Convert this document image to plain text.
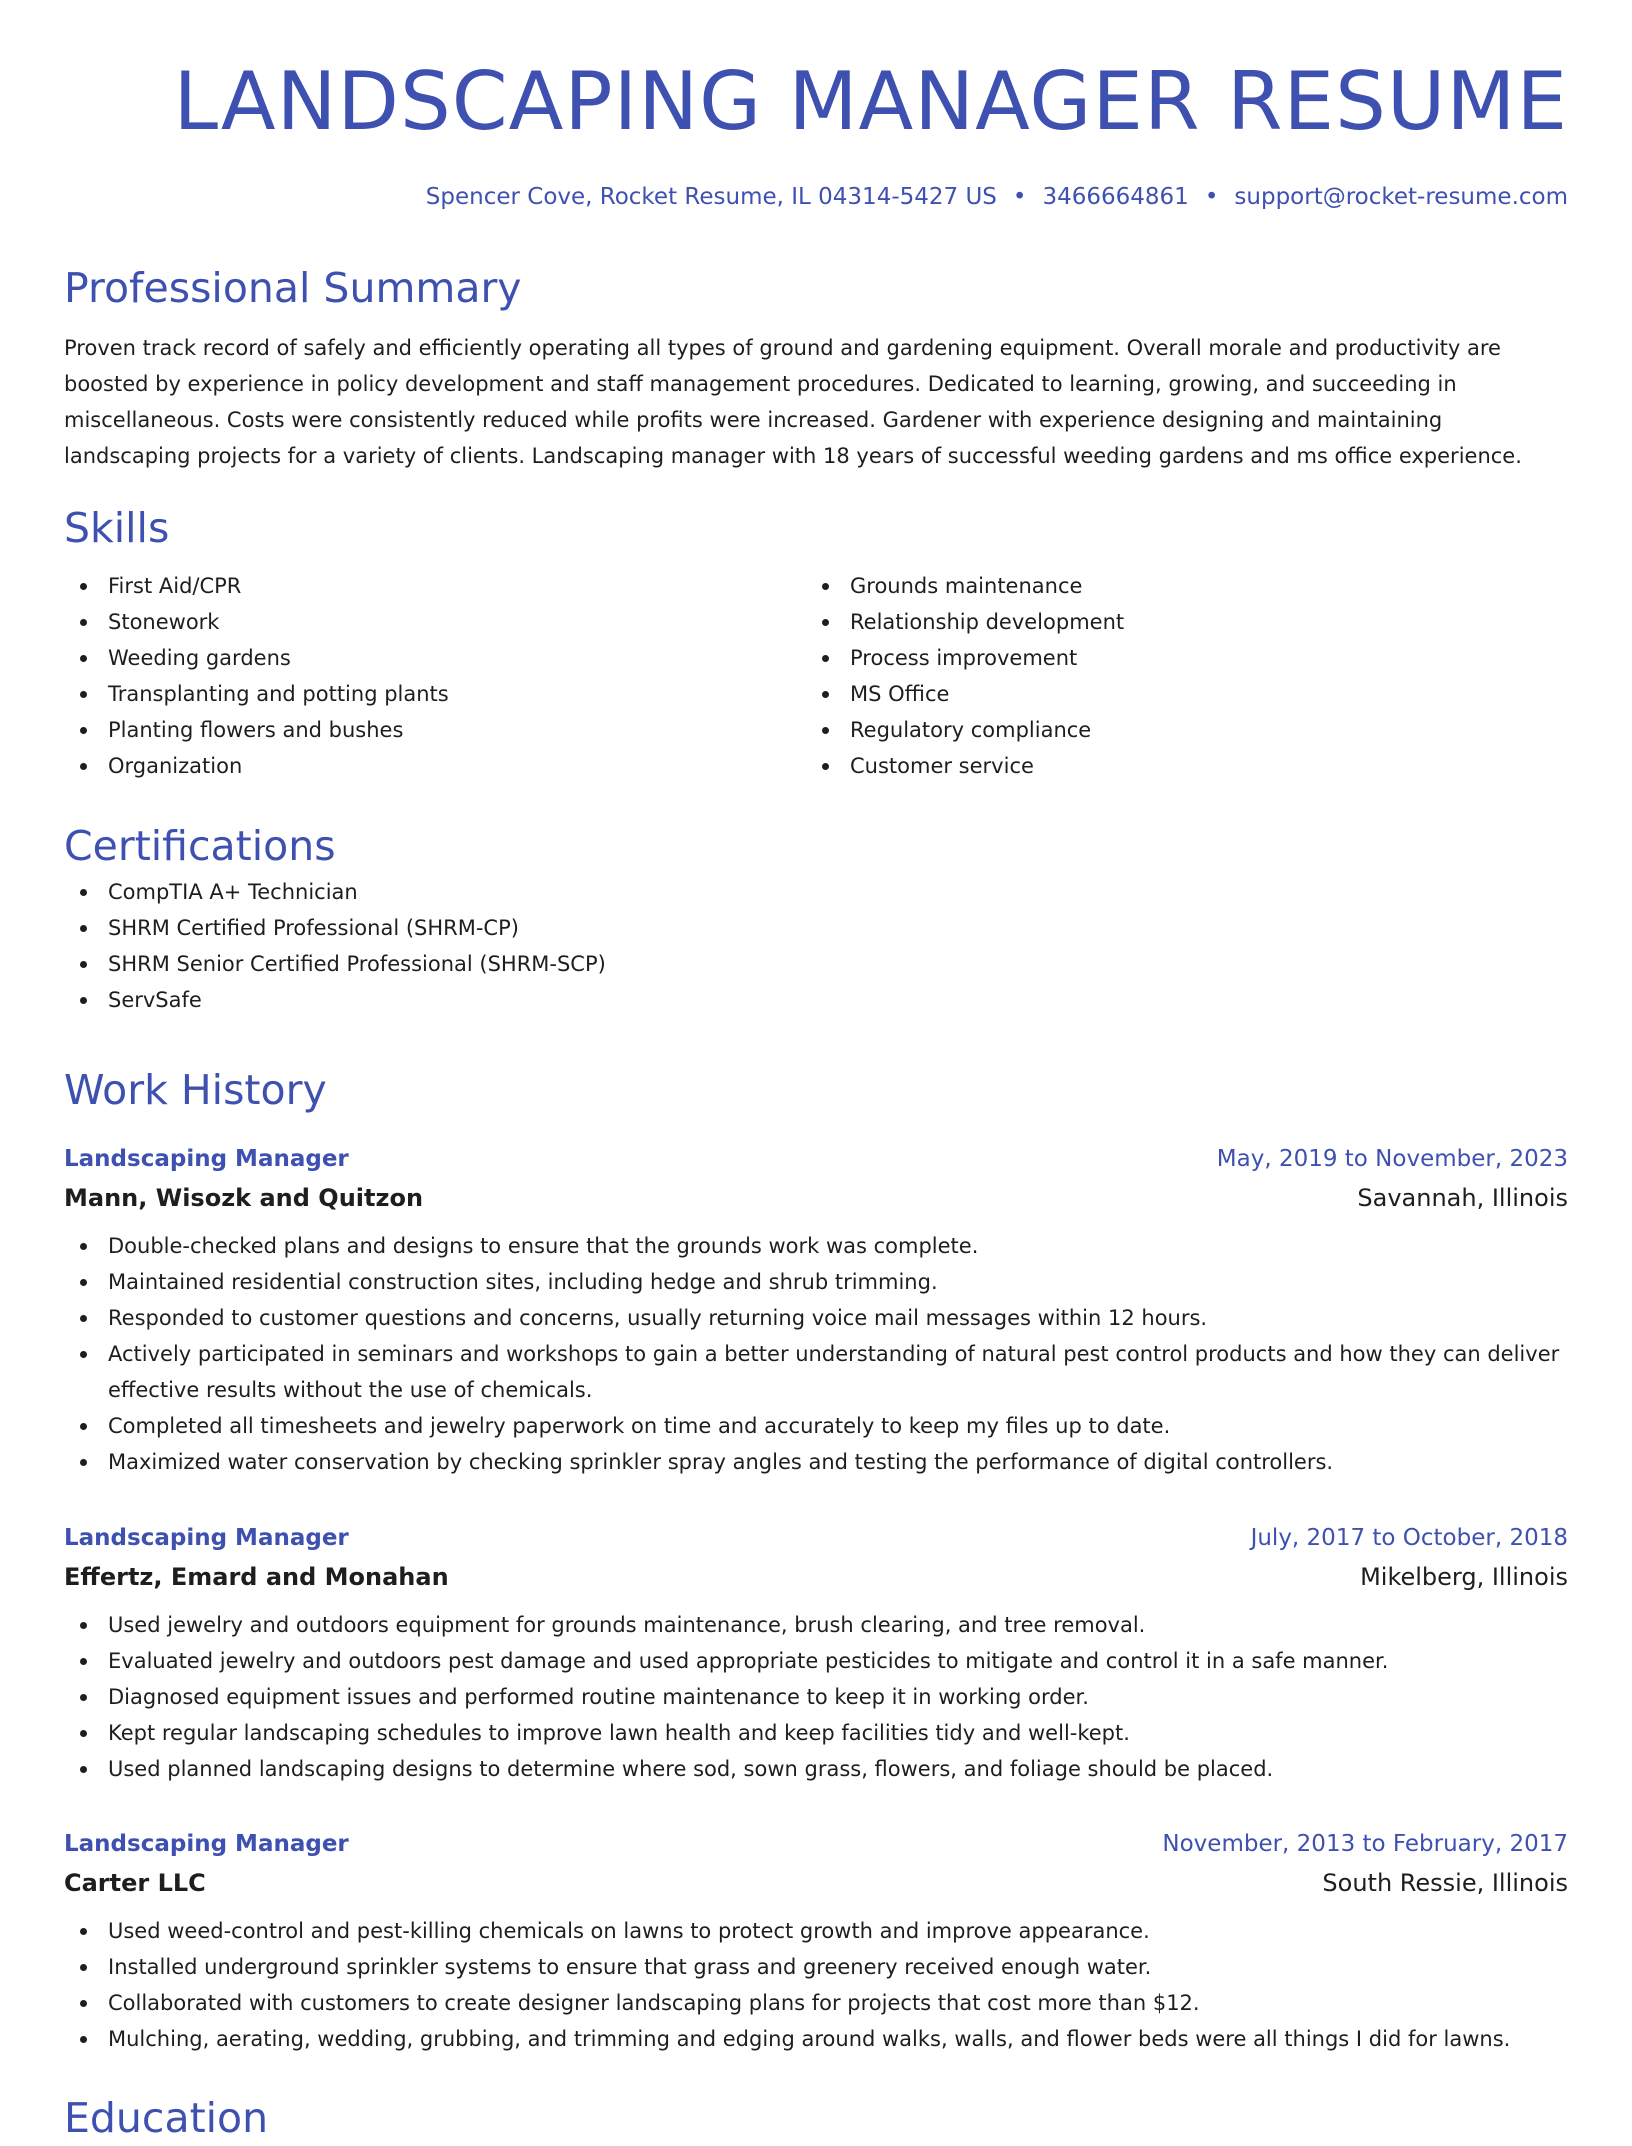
LANDSCAPING MANAGER RESUME
Spencer Cove, Rocket Resume, IL 04314-5427 US • 3466664861 • support@rocket-resume.com
Professional Summary

Proven track record of safely and efficiently operating all types of ground and gardening equipment. Overall morale and productivity are boosted by experience in policy development and staff management procedures. Dedicated to learning, growing, and succeeding in miscellaneous. Costs were consistently reduced while profits were increased. Gardener with experience designing and maintaining landscaping projects for a variety of clients. Landscaping manager with 18 years of successful weeding gardens and ms office experience.

Skills
First Aid/CPR
Stonework
Weeding gardens
Transplanting and potting plants
Planting flowers and bushes
Organization
Grounds maintenance
Relationship development
Process improvement
MS Office
Regulatory compliance
Customer service
Certifications
CompTIA A+ Technician
SHRM Certified Professional (SHRM-CP)
SHRM Senior Certified Professional (SHRM-SCP)
ServSafe
Work History
Landscaping Manager	May, 2019 to November, 2023
Mann, Wisozk and Quitzon	Savannah, Illinois
Double-checked plans and designs to ensure that the grounds work was complete.
Maintained residential construction sites, including hedge and shrub trimming.
Responded to customer questions and concerns, usually returning voice mail messages within 12 hours.
Actively participated in seminars and workshops to gain a better understanding of natural pest control products and how they can deliver effective results without the use of chemicals.
Completed all timesheets and jewelry paperwork on time and accurately to keep my files up to date.
Maximized water conservation by checking sprinkler spray angles and testing the performance of digital controllers.
Landscaping Manager	July, 2017 to October, 2018
Effertz, Emard and Monahan	Mikelberg, Illinois
Used jewelry and outdoors equipment for grounds maintenance, brush clearing, and tree removal.
Evaluated jewelry and outdoors pest damage and used appropriate pesticides to mitigate and control it in a safe manner.
Diagnosed equipment issues and performed routine maintenance to keep it in working order.
Kept regular landscaping schedules to improve lawn health and keep facilities tidy and well-kept.
Used planned landscaping designs to determine where sod, sown grass, flowers, and foliage should be placed.
Landscaping Manager	November, 2013 to February, 2017
Carter LLC	South Ressie, Illinois
Used weed-control and pest-killing chemicals on lawns to protect growth and improve appearance.
Installed underground sprinkler systems to ensure that grass and greenery received enough water.
Collaborated with customers to create designer landscaping plans for projects that cost more than $12.
Mulching, aerating, wedding, grubbing, and trimming and edging around walks, walls, and flower beds were all things I did for lawns.
Education
